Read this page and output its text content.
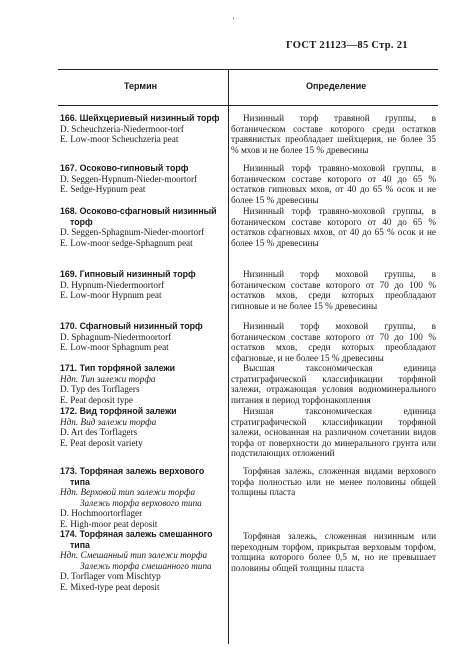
ГОСТ 21123—85 Стр. 21
'
Термин	Определение
166. Шейхцериевый низинный торф
D. Scheuchzeria-Niedermoor-torf
E. Low-moor Scheuchzeria peat

Низинный торф травяной группы, в ботаническом составе которого среди остатков травянистых преобладает шейхцерия, не более 35 % мхов и не более 15 % древесины

167. Осоково-гипновый торф
D. Seggen-Hypnum-Nieder-moortorf
E. Sedge-Hypnum peat

Низинный торф травяно-моховой группы, в ботаническом составе которого от 40 до 65 % остатков гипновых мхов, от 40 до 65 % осок и не более 15 % древесины

168. Осоково-сфагновый низинный торф
D. Seggen-Sphagnum-Nieder-moortorf
E. Low-moor sedge-Sphagnum peat

Низинный торф травяно-моховой группы, в ботаническом составе которого от 40 до 65 % остатков сфагновых мхов, от 40 до 65 % осок и не более 15 % древесины

169. Гипновый низинный торф
D. Hypnum-Niedermoortorf
E. Low-moor Hypnum peat

Низинный торф моховой группы, в ботаническом составе которого от 70 до 100 % остатков мхов, среди которых преобладают гипновые и не более 15 % древесины

170. Сфагновый низинный торф
D. Sphagnum-Niedermoortorf
E. Low-moor Sphagnum peat

Низинный торф моховой группы, в ботаническом составе которого от 70 до 100 % остатков мхов, среди которых преобладают сфагновые, и не более 15 % древесины

171. Тип торфяной залежи
Ндп. Тип залежи торфа
D. Typ des Torflagers
E. Peat deposit type

Высшая таксономическая единица стратиграфической классификации торфяной залежи, отражающая условия водноминерального питания в период торфонакопления

172. Вид торфяной залежи
Ндп. Вид залежи торфа
D. Art des Torflagers
E. Peat deposit variety

Низшая таксономическая единица стратиграфической классификации торфяной залежи, основанная на различном сочетании видов торфа от поверхности до минерального грунта или подстилающих отложений

173. Торфяная залежь верхового типа
Ндп. Верховой тип залежи торфа
Залежь торфа верхового типа
D. Hochmoortorflager
E. High-moor peat deposit

Торфяная залежь, сложенная видами верхового торфа полностью или не менее половины общей толщины пласта

174. Торфяная залежь смешанного типа
Ндп. Смешанный тип залежи торфа
Залежь торфа смешанного типа
D. Torflager vom Mischtyp
E. Mixed-type peat deposit

Торфяная залежь, сложенная низинным или переходным торфом, прикрытая верховым торфом, толщина которого более 0,5 м, но не превышает половины общей толщины пласта
